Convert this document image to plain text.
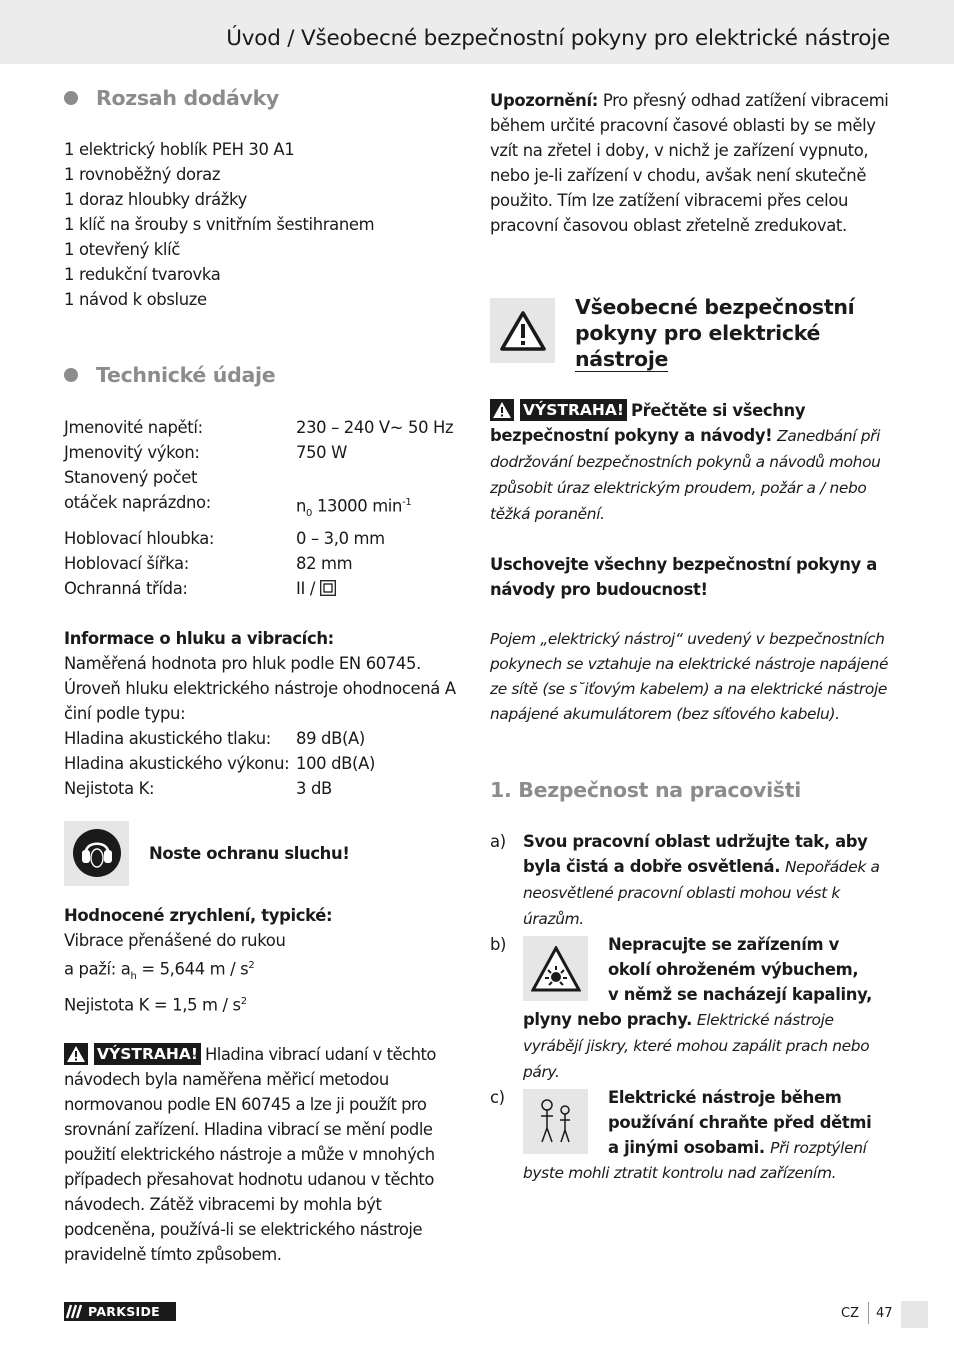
Úvod / Všeobecné bezpečnostní pokyny pro elektrické nástroje
Rozsah dodávky
1 elektrický hoblík PEH 30 A1
1 rovnoběžný doraz
1 doraz hloubky drážky
1 klíč na šrouby s vnitřním šestihranem
1 otevřený klíč
1 redukční tvarovka
1 návod k obsluze
Technické údaje
Jmenovité napětí:	230 – 240 V~ 50 Hz
Jmenovitý výkon:	750 W
Stanovený počet
otáček naprázdno:	$n_0$ 13000 $\min^{-1}$
Hoblovací hloubka:	0 – 3,0 mm
Hoblovací šířka:	82 mm
Ochranná třída:	II /
Informace o hluku a vibracích:
Naměřená hodnota pro hluk podle EN 60745.
Úroveň hluku elektrického nástroje ohodnocená A
činí podle typu:
Hladina akustického tlaku:	89 dB(A)
Hladina akustického výkonu: 100 dB(A)
Nejistota K:	3 dB
Noste ochranu sluchu!
Hodnocené zrychlení, typické:
Vibrace přenášené do rukou
a paží: $a_h = 5,644$ m / $s^2$
Nejistota K = 1,5 m / $s^2$
VÝSTRAHA! Hladina vibrací udaní v těchto návodech byla naměřena měřicí metodou normovanou podle EN 60745 a lze ji použít pro srovnání zařízení. Hladina vibrací se mění podle použití elektrického nástroje a může v mnohých případech přesahovat hodnotu udanou v těchto návodech. Zátěž vibracemi by mohla být podceněna, používá-li se elektrického nástroje pravidelně tímto způsobem.
Upozornění: Pro přesný odhad zatížení vibracemi během určité pracovní časové oblasti by se měly vzít na zřetel i doby, v nichž je zařízení vypnuto, nebo je-li zařízení v chodu, avšak není skutečně použito. Tím lze zatížení vibracemi přes celou pracovní časovou oblast zřetelně zredukovat.
Všeobecné bezpečnostní
pokyny pro elektrické
nástroje
VÝSTRAHA! Přečtěte si všechny bezpečnostní pokyny a návody! Zanedbání při dodržování bezpečnostních pokynů a návodů mohou způsobit úraz elektrickým proudem, požár a / nebo těžká poranění.
Uschovejte všechny bezpečnostní pokyny a návody pro budoucnost!
Pojem „elektrický nástroj“ uvedený v bezpečnostních pokynech se vztahuje na elektrické nástroje napájené ze sítě (se s˘iťovým kabelem) a na elektrické nástroje napájené akumulátorem (bez síťového kabelu).
1. Bezpečnost na pracovišti
a)	Svou pracovní oblast udržujte tak, aby byla čistá a dobře osvětlená. Nepořádek a neosvětlené pracovní oblasti mohou vést k úrazům.
b)	Nepracujte se zařízením v
okolí ohroženém výbuchem,
v němž se nacházejí kapaliny,
plyny nebo prachy. Elektrické nástroje vyrábějí jiskry, které mohou zapálit prach nebo páry.
c)	Elektrické nástroje během
používání chraňte před dětmi
a jinými osobami. Při rozptýlení
byste mohli ztratit kontrolu nad zařízením.
PARKSIDE	CZ 47
